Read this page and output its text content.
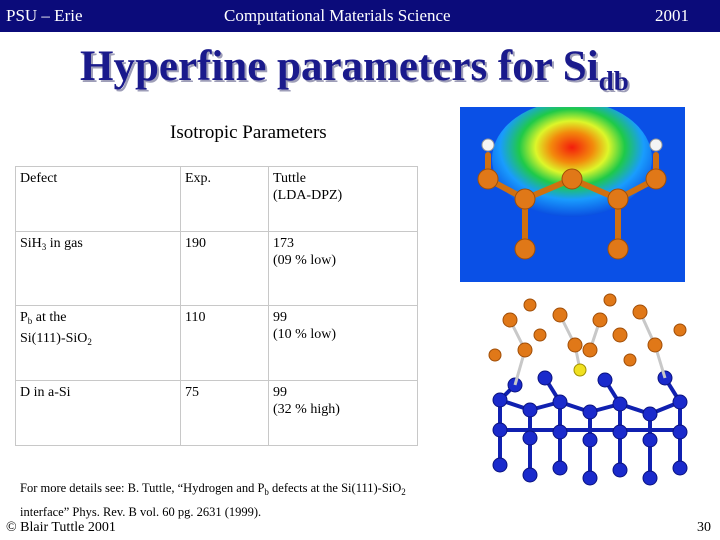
PSU – Erie	Computational Materials Science	2001
Hyperfine parameters for $Si_{db}$
Isotropic Parameters
Defect	Exp.	Tuttle
(LDA-DPZ)
SiH$_3$ in gas	190	173
(09 % low)
$P_b$ at the
Si(111)-SiO$_2$	110	99
(10 % low)
D in a-Si	75	99
(32 % high)
For more details see: B. Tuttle, “Hydrogen and $P_b$ defects at the Si(111)-SiO$_2$
interface” Phys. Rev. B vol. 60 pg. 2631 (1999).
© Blair Tuttle 2001	30
